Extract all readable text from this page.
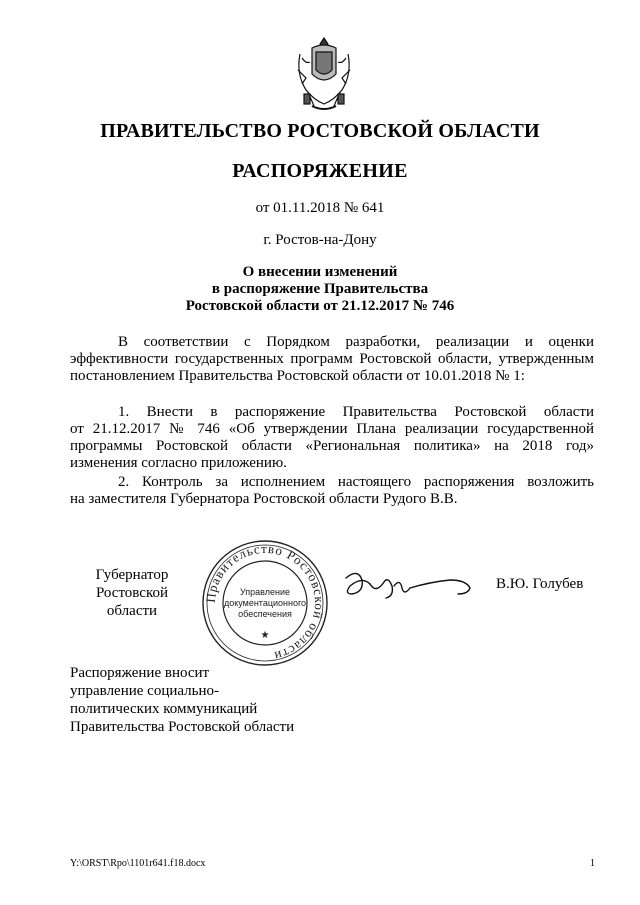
ПРАВИТЕЛЬСТВО РОСТОВСКОЙ ОБЛАСТИ
РАСПОРЯЖЕНИЕ
от 01.11.2018 № 641
г. Ростов-на-Дону
О внесении изменений
в распоряжение Правительства
Ростовской области от 21.12.2017 № 746
В соответствии с Порядком разработки, реализации и оценки
эффективности государственных программ Ростовской области, утвержденным
постановлением Правительства Ростовской области от 10.01.2018 № 1:
1. Внести в распоряжение Правительства Ростовской области
от 21.12.2017 № 746 «Об утверждении Плана реализации государственной
программы Ростовской области «Региональная политика» на 2018 год»
изменения согласно приложению.
2. Контроль за исполнением настоящего распоряжения возложить
на заместителя Губернатора Ростовской области Рудого В.В.
Губернатор
Ростовской области
Правительство Ростовской области
Управление
документационного
обеспечения
★
В.Ю. Голубев
Распоряжение вносит
управление социально-
политических коммуникаций
Правительства Ростовской области
Y:\ORST\Rpo\1101r641.f18.docx	1
